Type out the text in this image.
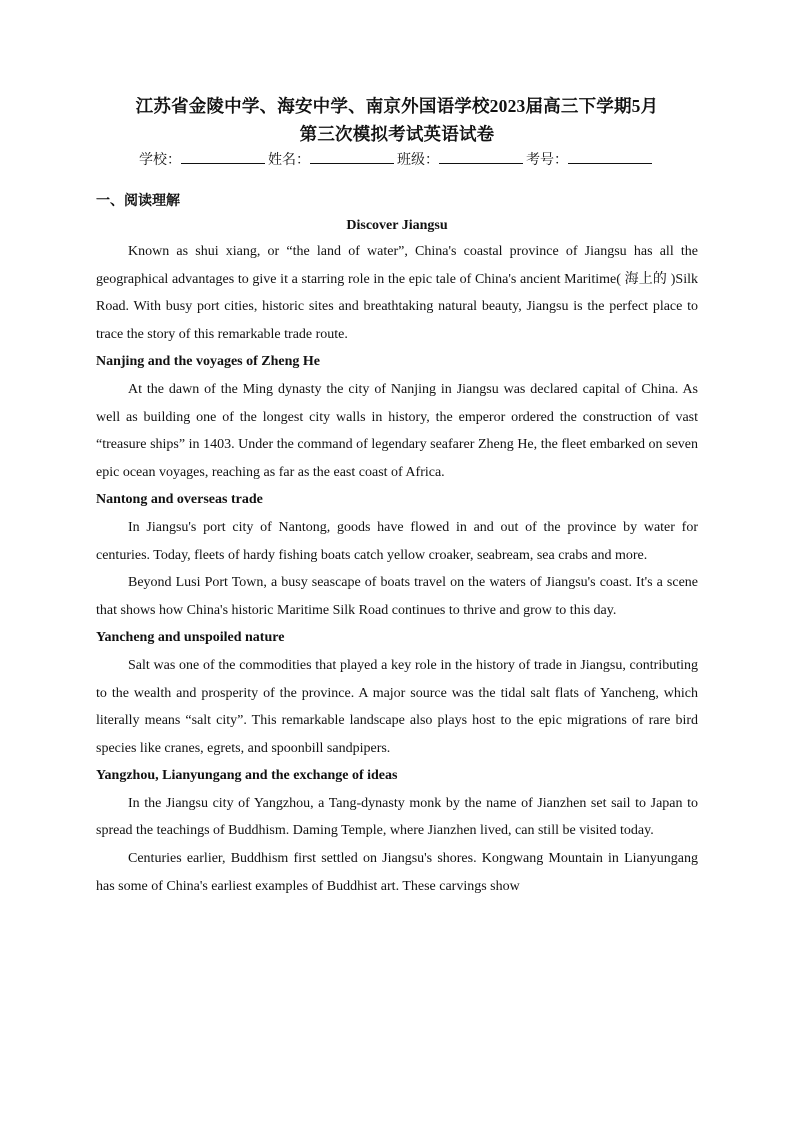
江苏省金陵中学、海安中学、南京外国语学校2023届高三下学期5月
第三次模拟考试英语试卷
学校：	姓名：	班级：	考号：
一、阅读理解
Discover Jiangsu

Known as shui xiang, or “the land of water”, China's coastal province of Jiangsu has all the geographical advantages to give it a starring role in the epic tale of China's ancient Maritime( 海上的 )Silk Road. With busy port cities, historic sites and breathtaking natural beauty, Jiangsu is the perfect place to trace the story of this remarkable trade route.

Nanjing and the voyages of Zheng He

At the dawn of the Ming dynasty the city of Nanjing in Jiangsu was declared capital of China. As well as building one of the longest city walls in history, the emperor ordered the construction of vast “treasure ships” in 1403. Under the command of legendary seafarer Zheng He, the fleet embarked on seven epic ocean voyages, reaching as far as the east coast of Africa.

Nantong and overseas trade

In Jiangsu's port city of Nantong, goods have flowed in and out of the province by water for centuries. Today, fleets of hardy fishing boats catch yellow croaker, seabream, sea crabs and more.

Beyond Lusi Port Town, a busy seascape of boats travel on the waters of Jiangsu's coast. It's a scene that shows how China's historic Maritime Silk Road continues to thrive and grow to this day.

Yancheng and unspoiled nature

Salt was one of the commodities that played a key role in the history of trade in Jiangsu, contributing to the wealth and prosperity of the province. A major source was the tidal salt flats of Yancheng, which literally means “salt city”. This remarkable landscape also plays host to the epic migrations of rare bird species like cranes, egrets, and spoonbill sandpipers.

Yangzhou, Lianyungang and the exchange of ideas

In the Jiangsu city of Yangzhou, a Tang-dynasty monk by the name of Jianzhen set sail to Japan to spread the teachings of Buddhism. Daming Temple, where Jianzhen lived, can still be visited today.

Centuries earlier, Buddhism first settled on Jiangsu's shores. Kongwang Mountain in Lianyungang has some of China's earliest examples of Buddhist art. These carvings show
